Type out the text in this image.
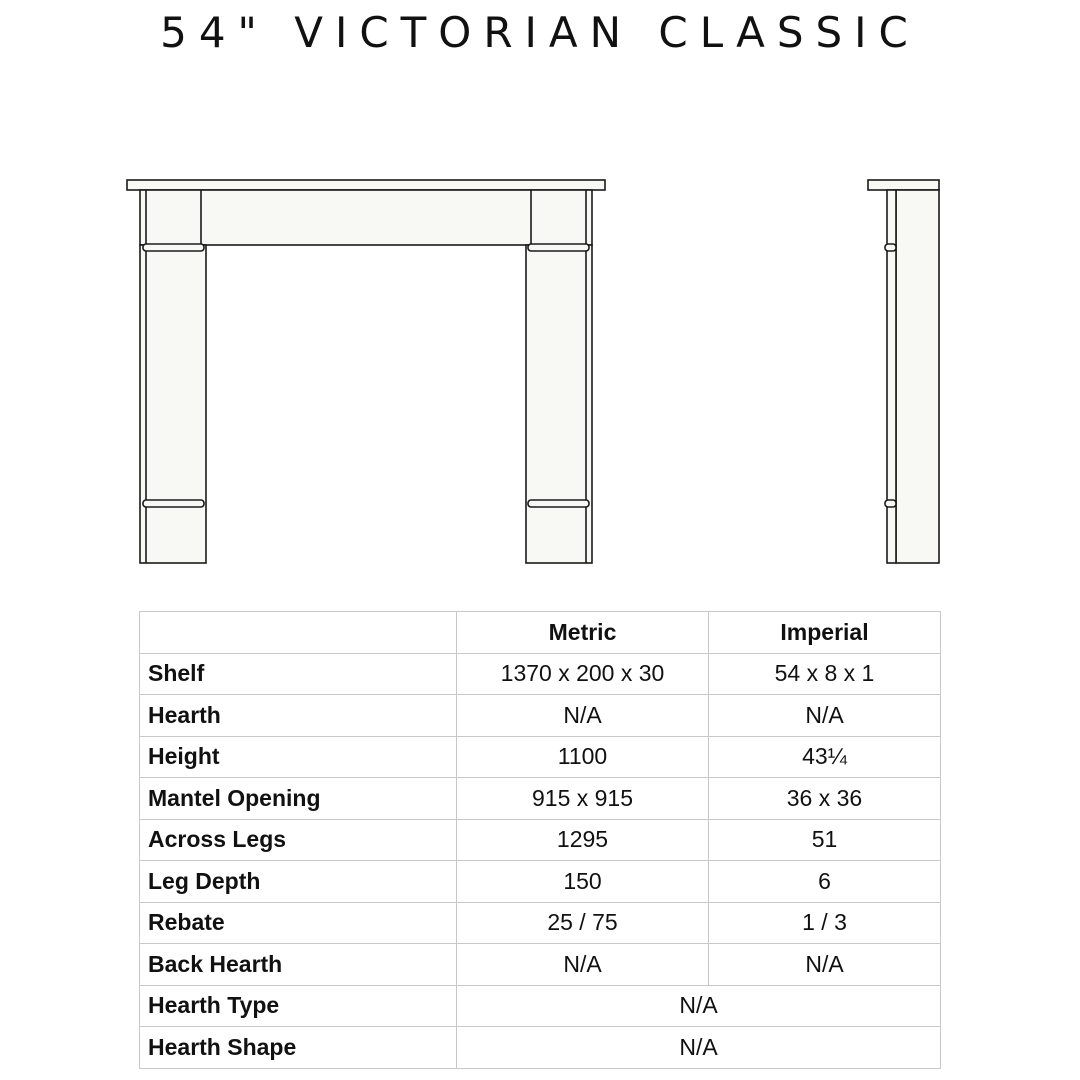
54" VICTORIAN CLASSIC
	Metric	Imperial
Shelf	1370 x 200 x 30	54 x 8 x 1
Hearth	N/A	N/A
Height	1100	43¼
Mantel Opening	915 x 915	36 x 36
Across Legs	1295	51
Leg Depth	150	6
Rebate	25 / 75	1 / 3
Back Hearth	N/A	N/A
Hearth Type	N/A	
Hearth Shape	N/A	
